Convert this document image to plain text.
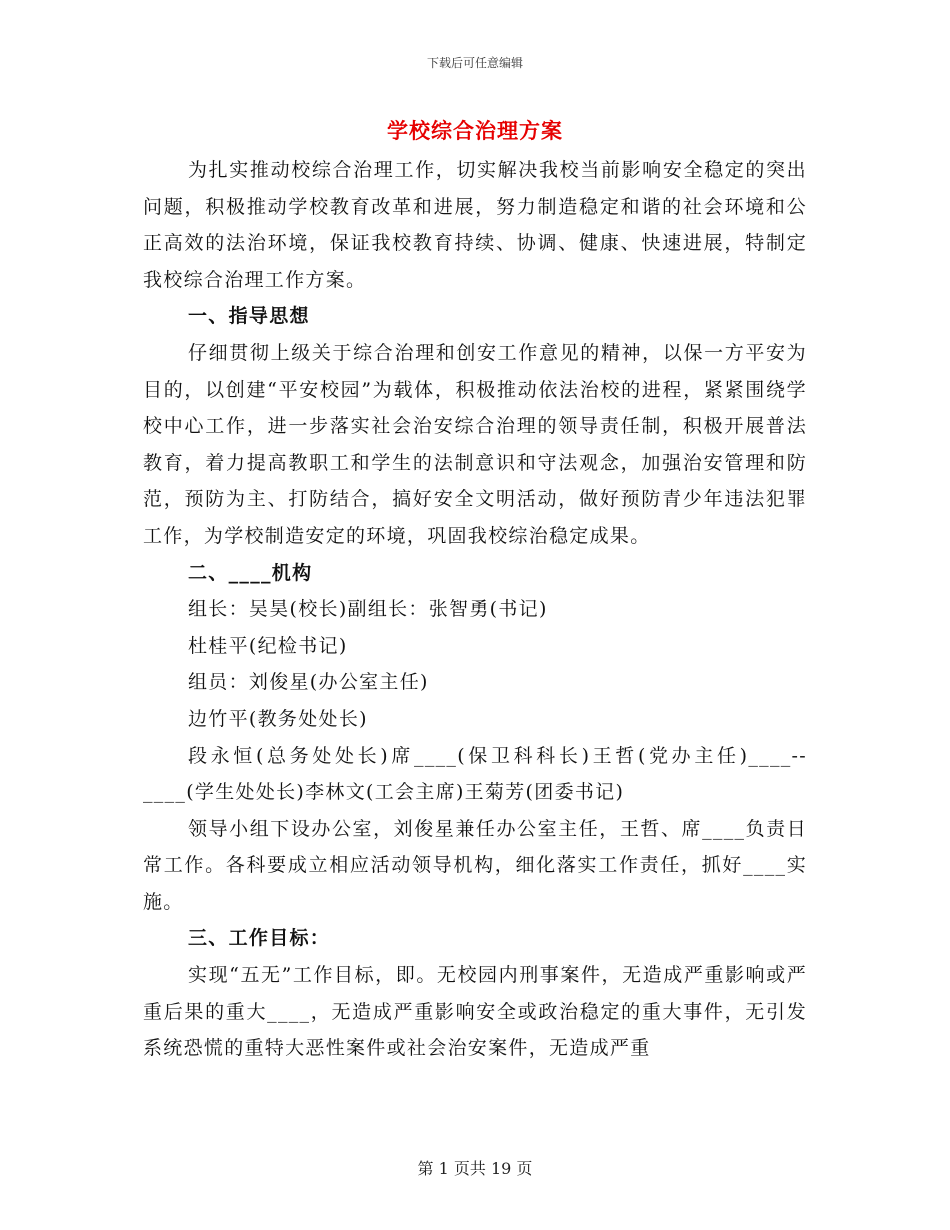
下载后可任意编辑
学校综合治理方案

为扎实推动校综合治理工作，切实解决我校当前影响安全稳定的突出问题，积极推动学校教育改革和进展，努力制造稳定和谐的社会环境和公正高效的法治环境，保证我校教育持续、协调、健康、快速进展，特制定我校综合治理工作方案。

一、指导思想

仔细贯彻上级关于综合治理和创安工作意见的精神，以保一方平安为目的，以创建“平安校园”为载体，积极推动依法治校的进程，紧紧围绕学校中心工作，进一步落实社会治安综合治理的领导责任制，积极开展普法教育，着力提高教职工和学生的法制意识和守法观念，加强治安管理和防范，预防为主、打防结合，搞好安全文明活动，做好预防青少年违法犯罪工作，为学校制造安定的环境，巩固我校综治稳定成果。

二、____机构

组长：吴昊(校长)副组长：张智勇(书记)

杜桂平(纪检书记)

组员：刘俊星(办公室主任)

边竹平(教务处处长)

段永恒(总务处处长)席____(保卫科科长)王哲(党办主任)____--____(学生处处长)李林文(工会主席)王菊芳(团委书记)

领导小组下设办公室，刘俊星兼任办公室主任，王哲、席____负责日常工作。各科要成立相应活动领导机构，细化落实工作责任，抓好____实施。

三、工作目标：

实现“五无”工作目标，即。无校园内刑事案件，无造成严重影响或严重后果的重大____，无造成严重影响安全或政治稳定的重大事件，无引发系统恐慌的重特大恶性案件或社会治安案件，无造成严重

第 1 页共 19 页
